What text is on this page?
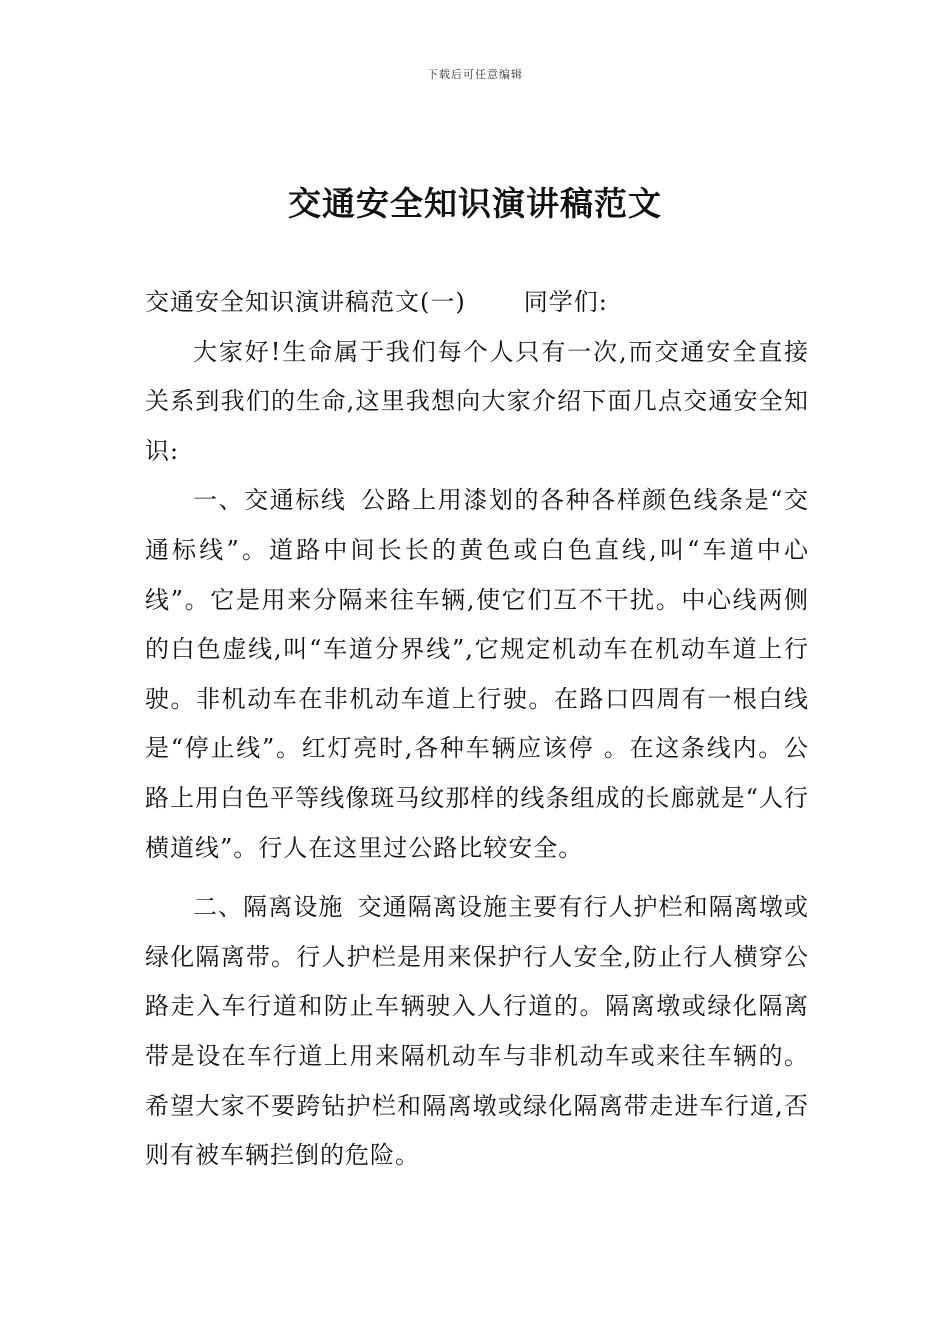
下载后可任意编辑
交通安全知识演讲稿范文

交通安全知识演讲稿范文(一) 同学们:

大家好!生命属于我们每个人只有一次,而交通安全直接关系到我们的生命,这里我想向大家介绍下面几点交通安全知识:

一、交通标线 公路上用漆划的各种各样颜色线条是“交通标线”。道路中间长长的黄色或白色直线,叫“车道中心线”。它是用来分隔来往车辆,使它们互不干扰。中心线两侧的白色虚线,叫“车道分界线”,它规定机动车在机动车道上行驶。非机动车在非机动车道上行驶。在路口四周有一根白线是“停止线”。红灯亮时,各种车辆应该停 。在这条线内。公路上用白色平等线像斑马纹那样的线条组成的长廊就是“人行横道线”。行人在这里过公路比较安全。

二、隔离设施 交通隔离设施主要有行人护栏和隔离墩或绿化隔离带。行人护栏是用来保护行人安全,防止行人横穿公路走入车行道和防止车辆驶入人行道的。隔离墩或绿化隔离带是设在车行道上用来隔机动车与非机动车或来往车辆的。希望大家不要跨钻护栏和隔离墩或绿化隔离带走进车行道,否则有被车辆拦倒的危险。
